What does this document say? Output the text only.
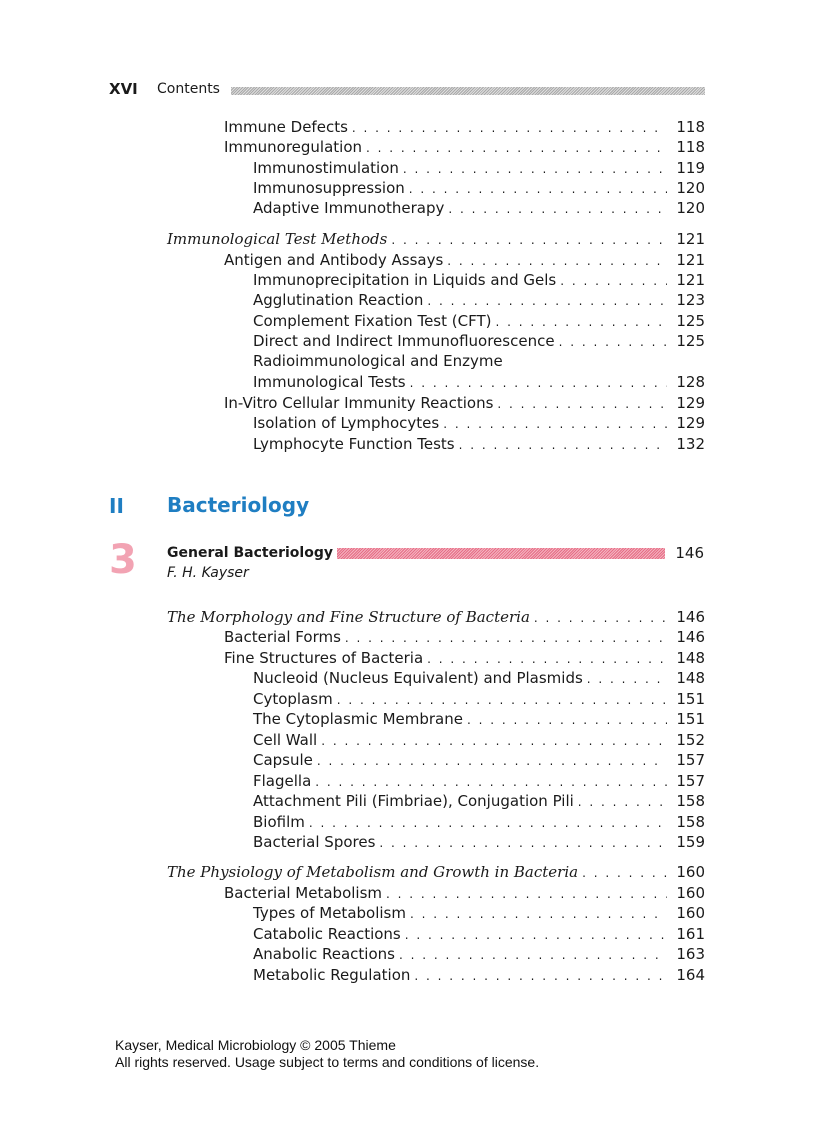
XVI Contents
Immune Defects . . .	118
Immunoregulation . . .	118
Immunostimulation . . .	119
Immunosuppression . . .	120
Adaptive Immunotherapy . . .	120
Immunological Test Methods . . .	121
Antigen and Antibody Assays . . .	121
Immunoprecipitation in Liquids and Gels . . .	121
Agglutination Reaction . . .	123
Complement Fixation Test (CFT) . . .	125
Direct and Indirect Immunofluorescence . . .	125
Radioimmunological and Enzyme
Immunological Tests . . .	128
In-Vitro Cellular Immunity Reactions . . .	129
Isolation of Lymphocytes . . .	129
Lymphocyte Function Tests . . .	132
II Bacteriology
3 General Bacteriology	146
F. H. Kayser
The Morphology and Fine Structure of Bacteria . . .	146
Bacterial Forms . . .	146
Fine Structures of Bacteria . . .	148
Nucleoid (Nucleus Equivalent) and Plasmids . . .	148
Cytoplasm . . .	151
The Cytoplasmic Membrane . . .	151
Cell Wall . . .	152
Capsule . . .	157
Flagella . . .	157
Attachment Pili (Fimbriae), Conjugation Pili . . .	158
Biofilm . . .	158
Bacterial Spores . . .	159
The Physiology of Metabolism and Growth in Bacteria . . .	160
Bacterial Metabolism . . .	160
Types of Metabolism . . .	160
Catabolic Reactions . . .	161
Anabolic Reactions . . .	163
Metabolic Regulation . . .	164
Kayser, Medical Microbiology © 2005 Thieme
All rights reserved. Usage subject to terms and conditions of license.
